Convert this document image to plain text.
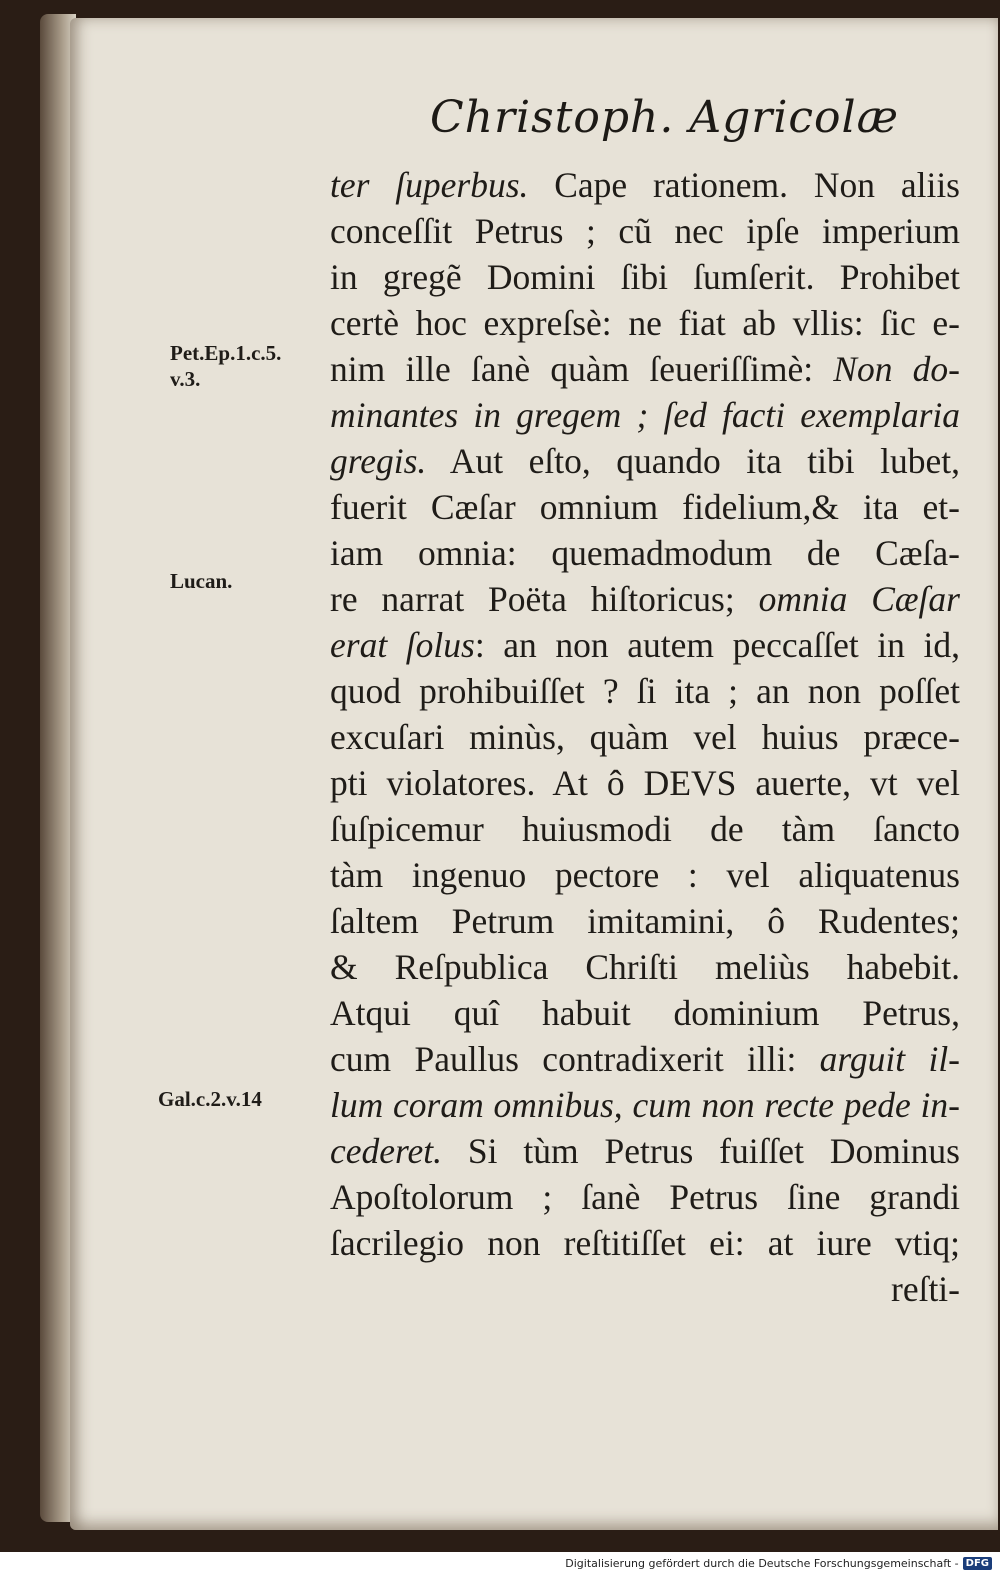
Christoph. Agricolæ
Pet.Ep.1.c.5.
v.3.
Lucan.
Gal.c.2.v.14
ter ſuperbus. Cape rationem. Non aliis
conceſſit Petrus ; cũ nec ipſe imperium
in gregẽ Domini ſibi ſumſerit. Prohibet
certè hoc expreſsè: ne fiat ab vllis: ſic e-
nim ille ſanè quàm ſeueriſſimè: Non do-
minantes in gregem ; ſed facti exemplaria
gregis. Aut eſto, quando ita tibi lubet,
fuerit Cæſar omnium fidelium,& ita et-
iam omnia: quemadmodum de Cæſa-
re narrat Poëta hiſtoricus; omnia Cæſar
erat ſolus: an non autem peccaſſet in id,
quod prohibuiſſet ? ſi ita ; an non poſſet
excuſari minùs, quàm vel huius præce-
pti violatores. At ô DEVS auerte, vt vel
ſuſpicemur huiusmodi de tàm ſancto
tàm ingenuo pectore : vel aliquatenus
ſaltem Petrum imitamini, ô Rudentes;
& Reſpublica Chriſti meliùs habebit.
Atqui quî habuit dominium Petrus,
cum Paullus contradixerit illi: arguit il-
lum coram omnibus, cum non recte pede in-
cederet. Si tùm Petrus fuiſſet Dominus
Apoſtolorum ; ſanè Petrus ſine grandi
ſacrilegio non reſtitiſſet ei: at iure vtiq;
reſti-
Digitalisierung gefördert durch die Deutsche Forschungsgemeinschaft - DFG
